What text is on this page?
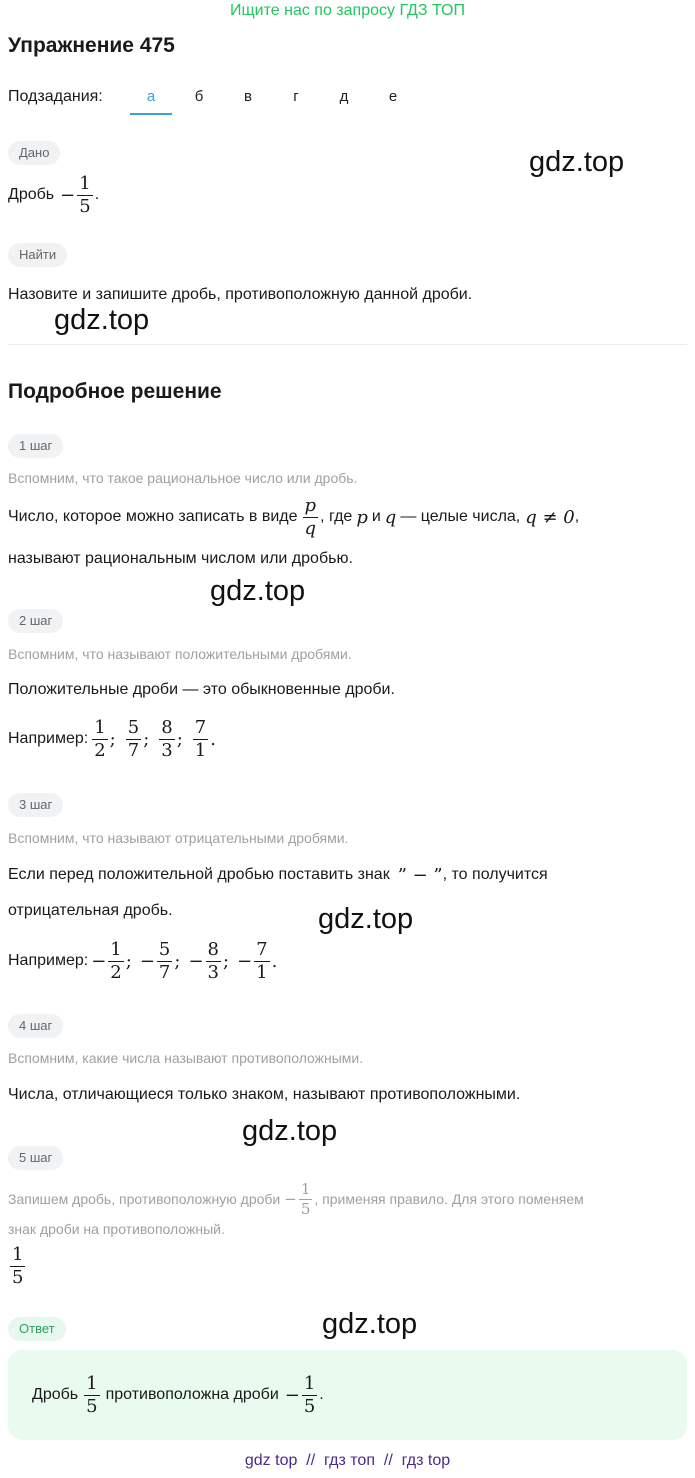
Ищите нас по запросу ГДЗ ТОП
Упражнение 475
Подзадания:	а	б	в	г	д	е
Дано
Дробь − $\frac{1}{5}$ .
gdz.top
Найти
Назовите и запишите дробь, противоположную данной дроби.
gdz.top
Подробное решение
1 шаг
Вспомним, что такое рациональное число или дробь.
Число, которое можно записать в виде $\frac{p}{q}$ , где p и q — целые числа, q ≠ 0 ,
называют рациональным числом или дробью.
gdz.top
2 шаг
Вспомним, что называют положительными дробями.
Положительные дроби — это обыкновенные дроби.
Например: $\frac{1}{2}$ ; $\frac{5}{7}$ ; $\frac{8}{3}$ ; $\frac{7}{1}$ .
3 шаг
Вспомним, что называют отрицательными дробями.
Если перед положительной дробью поставить знак ” − ” , то получится
отрицательная дробь.	gdz.top
Например: − $\frac{1}{2}$ ; − $\frac{5}{7}$ ; − $\frac{8}{3}$ ; − $\frac{7}{1}$ .
4 шаг
Вспомним, какие числа называют противоположными.
Числа, отличающиеся только знаком, называют противоположными.
gdz.top
5 шаг
Запишем дробь, противоположную дроби − $\frac{1}{5}$ , применяя правило. Для этого поменяем
знак дроби на противоположный.
$\frac{1}{5}$
Ответ	gdz.top
Дробь $\frac{1}{5}$ противоположна дроби − $\frac{1}{5}$ .
gdz top  //  гдз топ  //  гдз top
